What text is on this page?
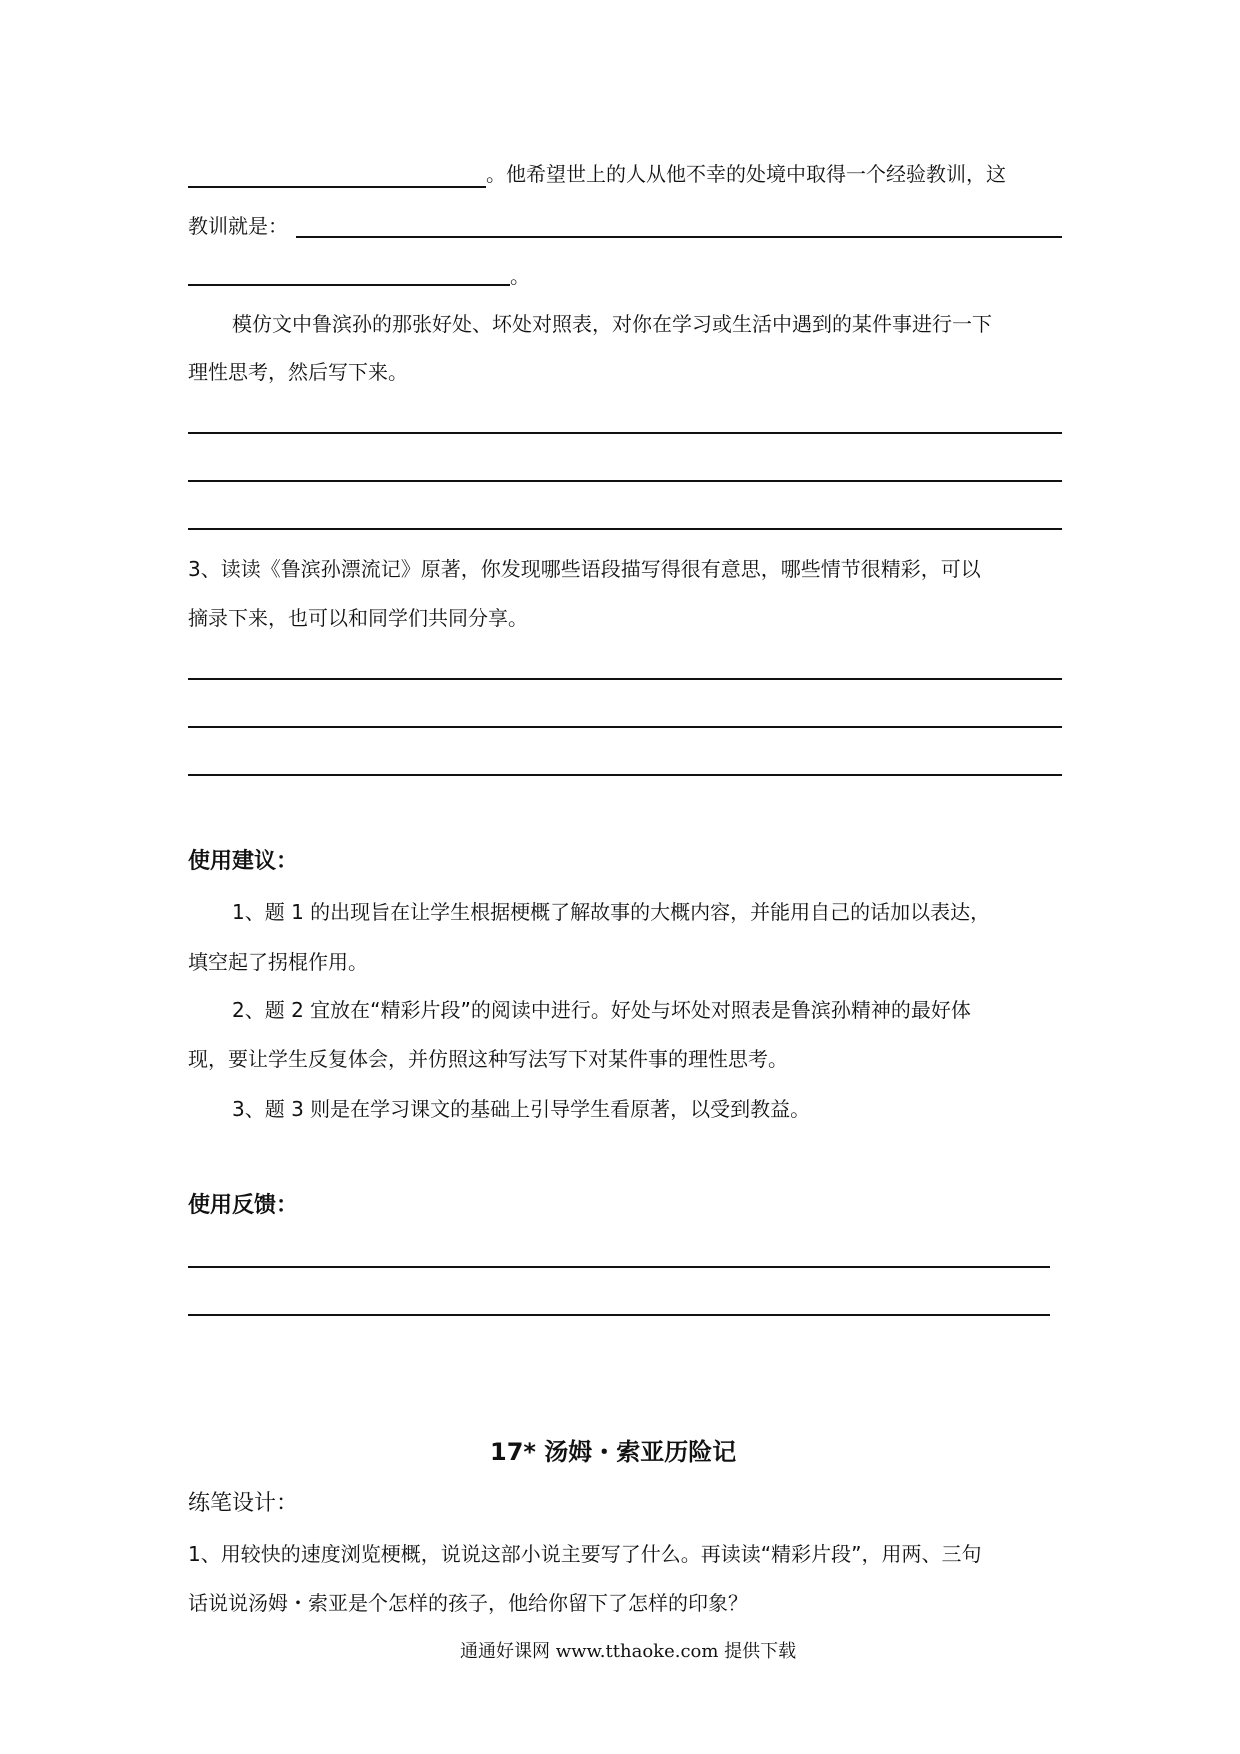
。他希望世上的人从他不幸的处境中取得一个经验教训，这
教训就是：
。
模仿文中鲁滨孙的那张好处、坏处对照表，对你在学习或生活中遇到的某件事进行一下
理性思考，然后写下来。
3、读读《鲁滨孙漂流记》原著，你发现哪些语段描写得很有意思，哪些情节很精彩，可以
摘录下来，也可以和同学们共同分享。
使用建议：
1、题 1 的出现旨在让学生根据梗概了解故事的大概内容，并能用自己的话加以表达，
填空起了拐棍作用。
2、题 2 宜放在“精彩片段”的阅读中进行。好处与坏处对照表是鲁滨孙精神的最好体
现，要让学生反复体会，并仿照这种写法写下对某件事的理性思考。
3、题 3 则是在学习课文的基础上引导学生看原著，以受到教益。
使用反馈：
17* 汤姆・索亚历险记
练笔设计：
1、用较快的速度浏览梗概，说说这部小说主要写了什么。再读读“精彩片段”，用两、三句
话说说汤姆・索亚是个怎样的孩子，他给你留下了怎样的印象？
通通好课网 www.tthaoke.com 提供下载
